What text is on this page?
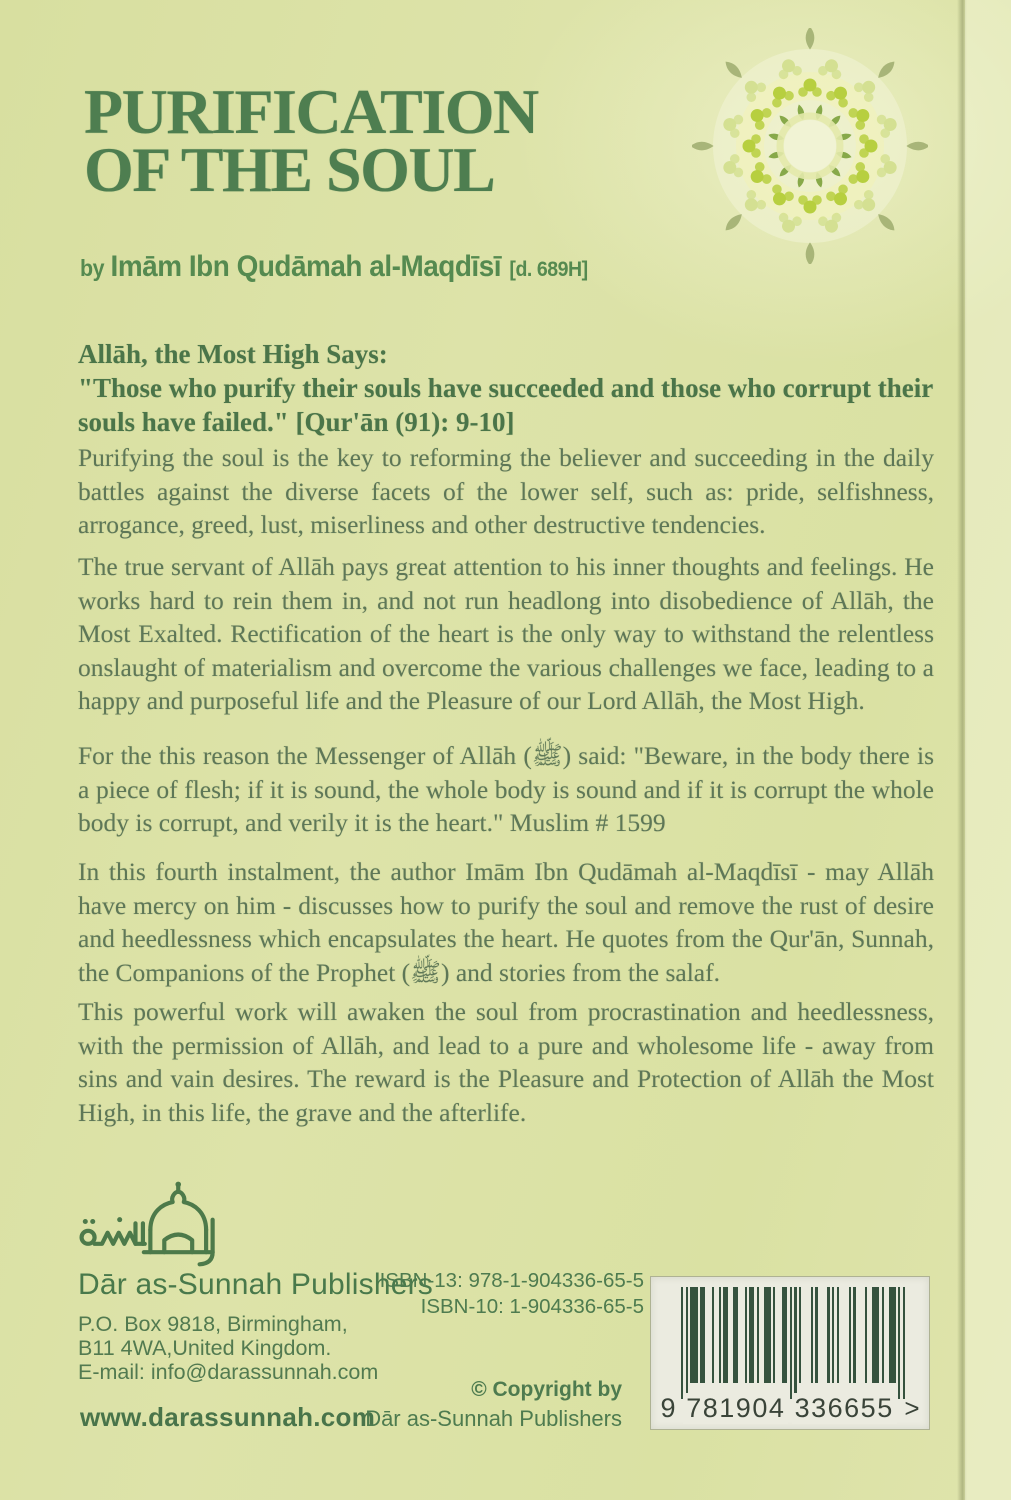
PURIFICATION
OF THE SOUL
by Imām Ibn Qudāmah al-Maqdīsī [d. 689H]
Allāh, the Most High Says:
"Those who purify their souls have succeeded and those who corrupt their souls have failed." [Qur'ān (91): 9-10]

Purifying the soul is the key to reforming the believer and succeeding in the daily battles against the diverse facets of the lower self, such as: pride, selfishness, arrogance, greed, lust, miserliness and other destructive tendencies.

The true servant of Allāh pays great attention to his inner thoughts and feelings. He works hard to rein them in, and not run headlong into disobedience of Allāh, the Most Exalted. Rectification of the heart is the only way to withstand the relentless onslaught of materialism and overcome the various challenges we face, leading to a happy and purposeful life and the Pleasure of our Lord Allāh, the Most High.

For the this reason the Messenger of Allāh (ﷺ) said: "Beware, in the body there is a piece of flesh; if it is sound, the whole body is sound and if it is corrupt the whole body is corrupt, and verily it is the heart." Muslim # 1599

In this fourth instalment, the author Imām Ibn Qudāmah al-Maqdīsī - may Allāh have mercy on him - discusses how to purify the soul and remove the rust of desire and heedlessness which encapsulates the heart. He quotes from the Qur'ān, Sunnah, the Companions of the Prophet (ﷺ) and stories from the salaf.

This powerful work will awaken the soul from procrastination and heedlessness, with the permission of Allāh, and lead to a pure and wholesome life - away from sins and vain desires. The reward is the Pleasure and Protection of Allāh the Most High, in this life, the grave and the afterlife.

Dār as-Sunnah Publishers
P.O. Box 9818, Birmingham,
B11 4WA,United Kingdom.
E-mail: info@darassunnah.com
www.darassunnah.com
ISBN-13: 978-1-904336-65-5
ISBN-10: 1-904336-65-5
© Copyright by
Dār as-Sunnah Publishers 9 781904 336655 >
